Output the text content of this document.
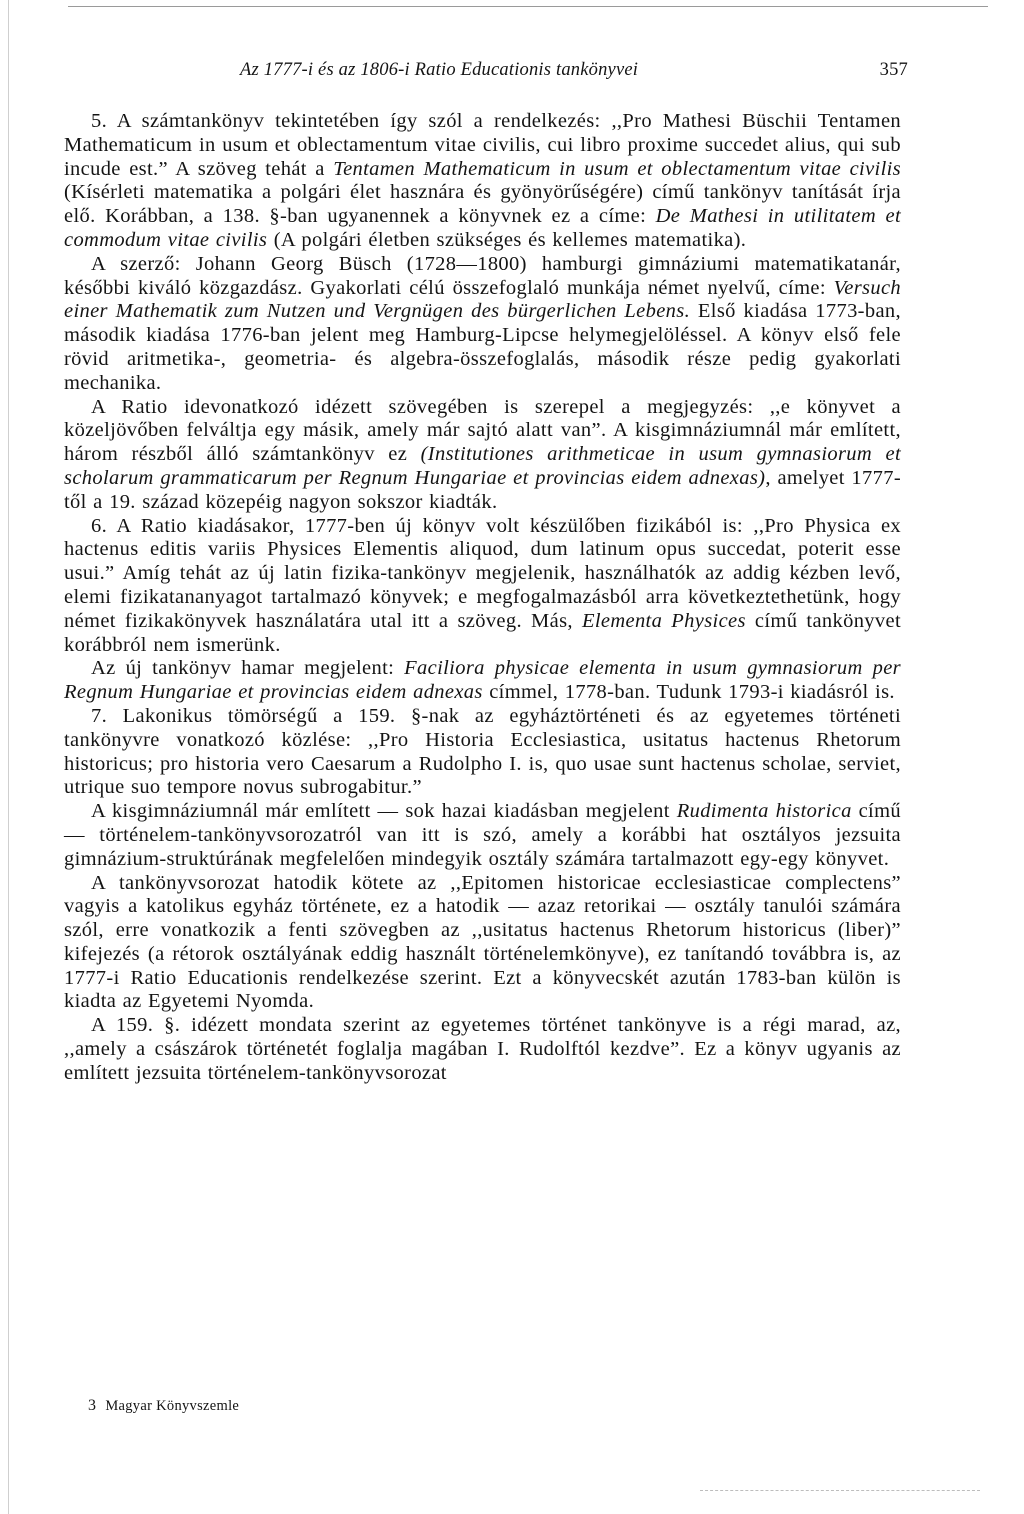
Az 1777-i és az 1806-i Ratio Educationis tankönyvei	357

5. A számtankönyv tekintetében így szól a rendelkezés: ,,Pro Mathesi Büschii Tentamen Mathematicum in usum et oblectamentum vitae civilis, cui libro proxime succedet alius, qui sub incude est.” A szöveg tehát a Tentamen Mathematicum in usum et oblectamentum vitae civilis (Kísérleti matematika a polgári élet hasznára és gyönyörűségére) című tankönyv tanítását írja elő. Korábban, a 138. §-ban ugyanennek a könyvnek ez a címe: De Mathesi in utilitatem et commodum vitae civilis (A polgári életben szükséges és kellemes matematika).

A szerző: Johann Georg Büsch (1728—1800) hamburgi gimnáziumi matematikatanár, későbbi kiváló közgazdász. Gyakorlati célú összefoglaló munkája német nyelvű, címe: Versuch einer Mathematik zum Nutzen und Vergnügen des bürgerlichen Lebens. Első kiadása 1773-ban, második kiadása 1776-ban jelent meg Hamburg-Lipcse helymegjelöléssel. A könyv első fele rövid aritmetika-, geometria- és algebra-összefoglalás, második része pedig gyakorlati mechanika.

A Ratio idevonatkozó idézett szövegében is szerepel a megjegyzés: ,,e könyvet a közeljövőben felváltja egy másik, amely már sajtó alatt van”. A kisgimnáziumnál már említett, három részből álló számtankönyv ez (Institutiones arithmeticae in usum gymnasiorum et scholarum grammaticarum per Regnum Hungariae et provincias eidem adnexas), amelyet 1777-től a 19. század közepéig nagyon sokszor kiadták.

6. A Ratio kiadásakor, 1777-ben új könyv volt készülőben fizikából is: ,,Pro Physica ex hactenus editis variis Physices Elementis aliquod, dum latinum opus succedat, poterit esse usui.” Amíg tehát az új latin fizika-tankönyv megjelenik, használhatók az addig kézben levő, elemi fizikatananyagot tartalmazó könyvek; e megfogalmazásból arra következtethetünk, hogy német fizikakönyvek használatára utal itt a szöveg. Más, Elementa Physices című tankönyvet korábbról nem ismerünk.

Az új tankönyv hamar megjelent: Faciliora physicae elementa in usum gymnasiorum per Regnum Hungariae et provincias eidem adnexas címmel, 1778-ban. Tudunk 1793-i kiadásról is.

7. Lakonikus tömörségű a 159. §-nak az egyháztörténeti és az egyetemes történeti tankönyvre vonatkozó közlése: ,,Pro Historia Ecclesiastica, usitatus hactenus Rhetorum historicus; pro historia vero Caesarum a Rudolpho I. is, quo usae sunt hactenus scholae, serviet, utrique suo tempore novus subrogabitur.”

A kisgimnáziumnál már említett — sok hazai kiadásban megjelent Rudimenta historica című — történelem-tankönyvsorozatról van itt is szó, amely a korábbi hat osztályos jezsuita gimnázium-struktúrának megfelelően mindegyik osztály számára tartalmazott egy-egy könyvet.

A tankönyvsorozat hatodik kötete az ,,Epitomen historicae ecclesiasticae complectens” vagyis a katolikus egyház története, ez a hatodik — azaz retorikai — osztály tanulói számára szól, erre vonatkozik a fenti szövegben az ,,usitatus hactenus Rhetorum historicus (liber)” kifejezés (a rétorok osztályának eddig használt történelemkönyve), ez tanítandó továbbra is, az 1777-i Ratio Educationis rendelkezése szerint. Ezt a könyvecskét azután 1783-ban külön is kiadta az Egyetemi Nyomda.

A 159. §. idézett mondata szerint az egyetemes történet tankönyve is a régi marad, az, ,,amely a császárok történetét foglalja magában I. Rudolftól kezdve”. Ez a könyv ugyanis az említett jezsuita történelem-tankönyvsorozat

3 Magyar Könyvszemle
